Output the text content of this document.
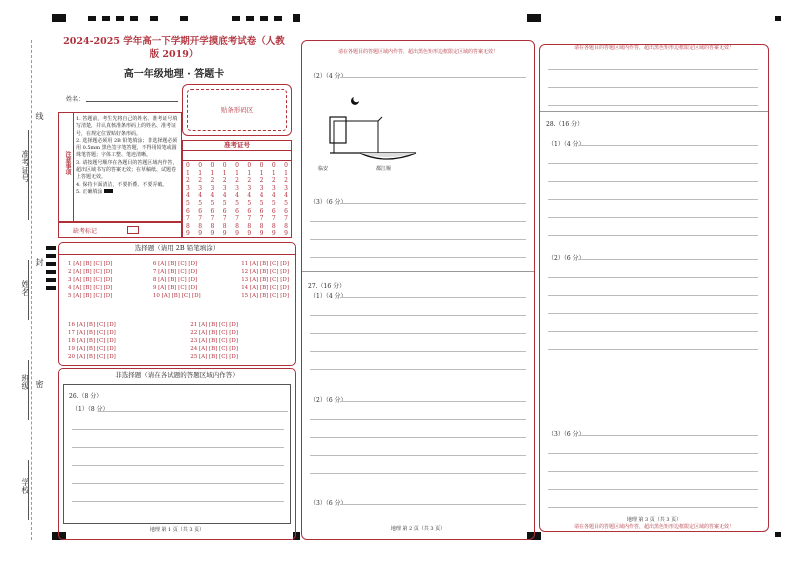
准考证号
线
姓名
封
班级 密
学校
2024-2025 学年高一下学期开学摸底考试卷（人教
版 2019）
高一年级地理 · 答题卡
姓名：
贴条形码区
注意事项
1. 答题前，考生先将自己的姓名、准考证号填写清楚，并认真核准条形码上的姓名、准考证号，在规定位置贴好条形码。
2. 选择题必须用 2B 铅笔填涂；非选择题必须用 0.5mm 黑色签字笔答题，不得用铅笔或圆珠笔答题；字体工整、笔迹清晰。
3. 请按题号顺序在各题目的答题区域内作答，超出区域书写的答案无效；在草稿纸、试题卷上答题无效。
4. 保持卡面清洁，不要折叠、不要弄破。
5. 正确填涂
准考证号
0
1
2
3
4
5
6
7
8
9
0
1
2
3
4
5
6
7
8
9
0
1
2
3
4
5
6
7
8
9
0
1
2
3
4
5
6
7
8
9
0
1
2
3
4
5
6
7
8
9
0
1
2
3
4
5
6
7
8
9
0
1
2
3
4
5
6
7
8
9
0
1
2
3
4
5
6
7
8
9
0
1
2
3
4
5
6
7
8
9
缺考标记
选择题（请用 2B 铅笔填涂）
1 [A] [B] [C] [D]
2 [A] [B] [C] [D]
3 [A] [B] [C] [D]
4 [A] [B] [C] [D]
5 [A] [B] [C] [D]
6 [A] [B] [C] [D]
7 [A] [B] [C] [D]
8 [A] [B] [C] [D]
9 [A] [B] [C] [D]
10 [A] [B] [C] [D]
11 [A] [B] [C] [D]
12 [A] [B] [C] [D]
13 [A] [B] [C] [D]
14 [A] [B] [C] [D]
15 [A] [B] [C] [D]
16 [A] [B] [C] [D]
17 [A] [B] [C] [D]
18 [A] [B] [C] [D]
19 [A] [B] [C] [D]
20 [A] [B] [C] [D]
21 [A] [B] [C] [D]
22 [A] [B] [C] [D]
23 [A] [B] [C] [D]
24 [A] [B] [C] [D]
25 [A] [B] [C] [D]
非选择题（请在各试题的答题区域内作答）
26.（8 分）
（1）（8 分）
地理 第 1 页（共 3 页）
请在各题目的答题区域内作答，超出黑色矩形边框限定区域的答案无效！
（2）（4 分）
临安	都江堰
（3）（6 分）
27.（16 分）
（1）（4 分）
（2）（6 分）
（3）（6 分）
地理 第 2 页（共 3 页）
请在各题目的答题区域内作答，超出黑色矩形边框限定区域的答案无效！
28.（16 分）
（1）（4 分）
（2）（6 分）
（3）（6 分）
地理 第 3 页（共 3 页）
请在各题目的答题区域内作答，超出黑色矩形边框限定区域的答案无效！
